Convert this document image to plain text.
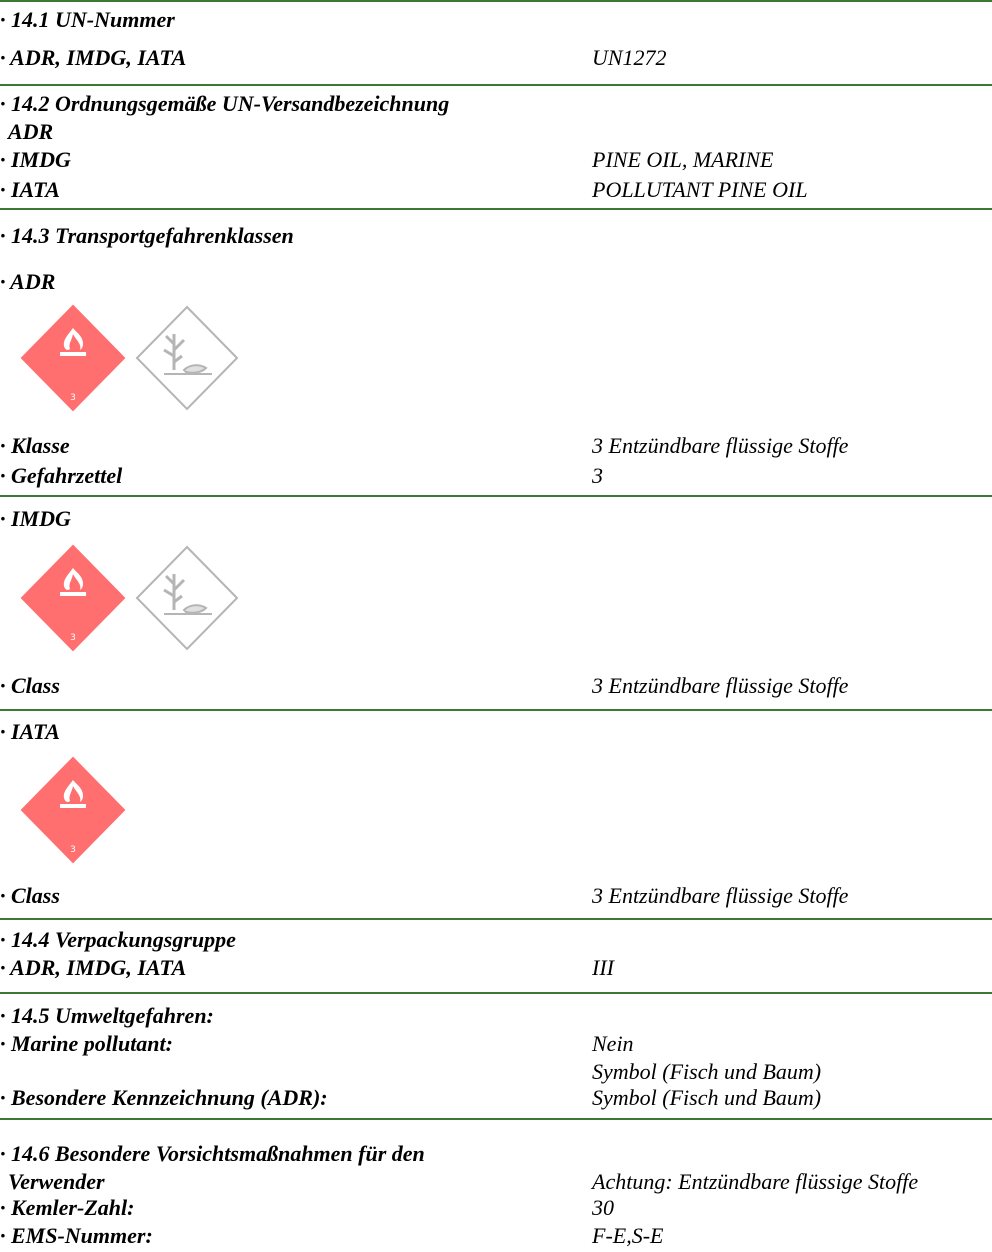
· 14.1 UN-Nummer
· ADR, IMDG, IATA	UN1272
· 14.2 Ordnungsgemäße UN-Versandbezeichnung
ADR
· IMDG	PINE OIL, MARINE
· IATA	POLLUTANT PINE OIL
· 14.3 Transportgefahrenklassen
· ADR
3
· Klasse	3 Entzündbare flüssige Stoffe
· Gefahrzettel	3
· IMDG
3
· Class	3 Entzündbare flüssige Stoffe
· IATA
3
· Class	3 Entzündbare flüssige Stoffe
· 14.4 Verpackungsgruppe
· ADR, IMDG, IATA	III
· 14.5 Umweltgefahren:
· Marine pollutant:	Nein
Symbol (Fisch und Baum)
· Besondere Kennzeichnung (ADR):	Symbol (Fisch und Baum)
· 14.6 Besondere Vorsichtsmaßnahmen für den
Verwender	Achtung: Entzündbare flüssige Stoffe
· Kemler-Zahl:	30
· EMS-Nummer:	F-E,S-E
